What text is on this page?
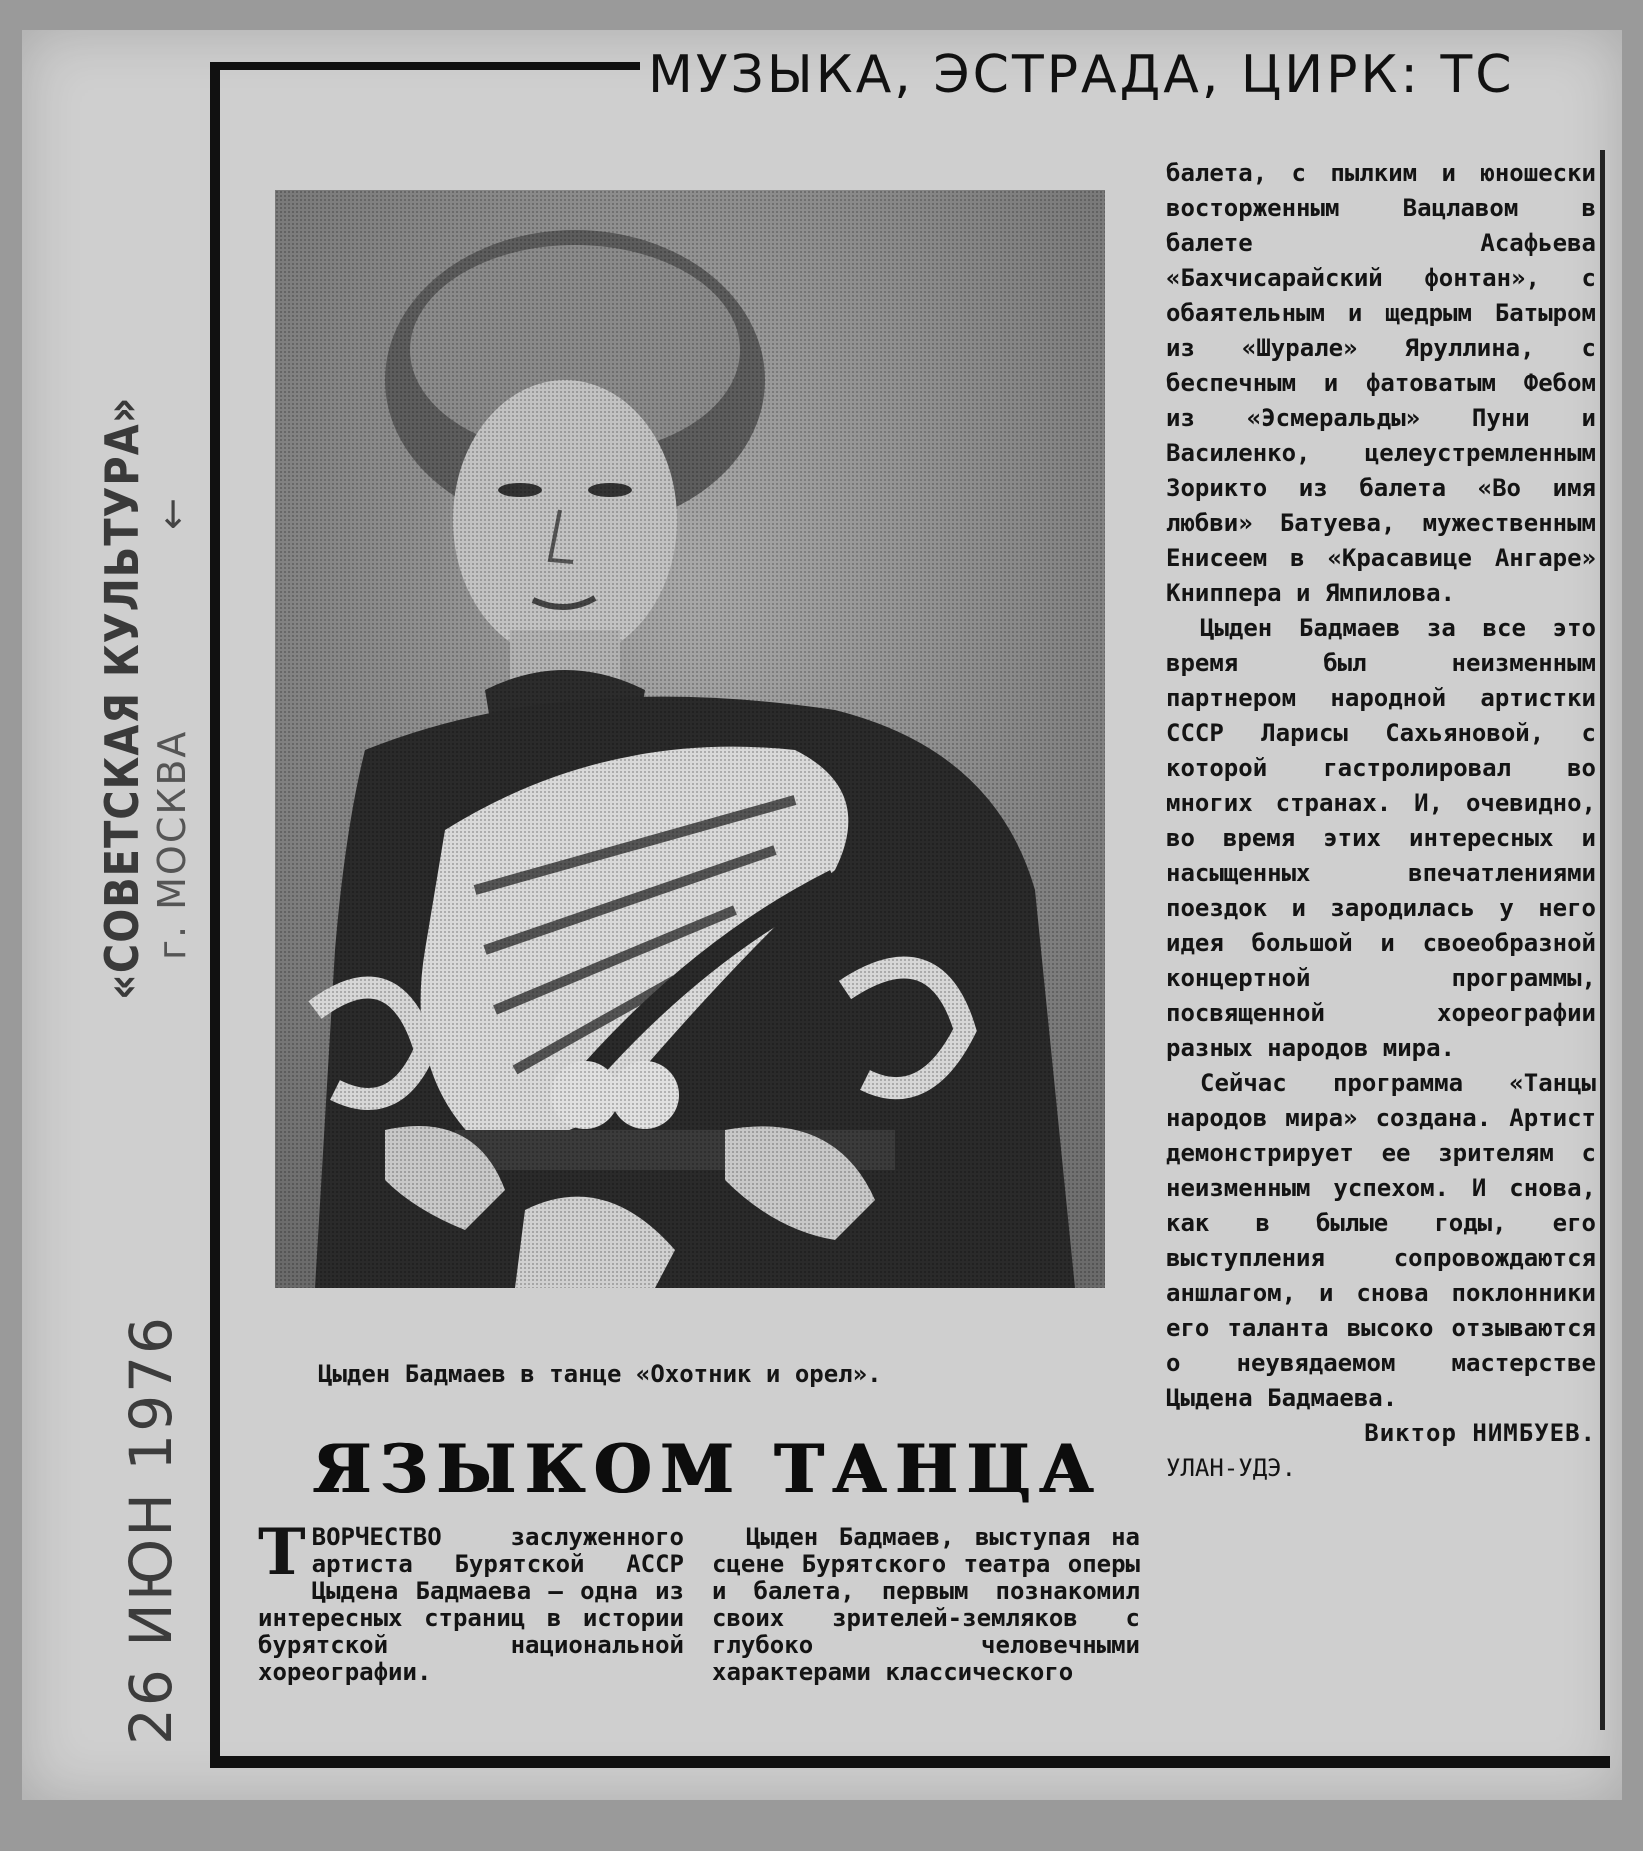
МУЗЫКА, ЭСТРАДА, ЦИРК: ТС
Цыден Бадмаев в танце «Охотник и орел».
ЯЗЫКОМ ТАНЦА

ТВОРЧЕСТВО заслуженного артиста Бурятской АССР Цыдена Бадмаева — одна из интересных страниц в истории бурятской национальной хореографии.

Цыден Бадмаев, выступая на сцене Бурятского театра оперы и балета, первым познакомил своих зрителей-земляков с глубоко человечными характерами классического

балета, с пылким и юношески восторженным Вацлавом в балете Асафьева «Бахчисарайский фонтан», с обаятельным и щедрым Батыром из «Шурале» Яруллина, с беспечным и фатоватым Фебом из «Эсмеральды» Пуни и Василенко, целеустремленным Зорикто из балета «Во имя любви» Батуева, мужественным Енисеем в «Красавице Ангаре» Книппера и Ямпилова.

Цыден Бадмаев за все это время был неизменным партнером народной артистки СССР Ларисы Сахьяновой, с которой гастролировал во многих странах. И, очевидно, во время этих интересных и насыщенных впечатлениями поездок и зародилась у него идея большой и своеобразной концертной программы, посвященной хореографии разных народов мира.

Сейчас программа «Танцы народов мира» создана. Артист демонстрирует ее зрителям с неизменным успехом. И снова, как в былые годы, его выступления сопровождаются аншлагом, и снова поклонники его таланта высоко отзываются о неувядаемом мастерстве Цыдена Бадмаева.

Виктор НИМБУЕВ.

УЛАН-УДЭ.

«СОВЕТСКАЯ КУЛЬТУРА» г. МОСКВА
←
26 ИЮН 1976
